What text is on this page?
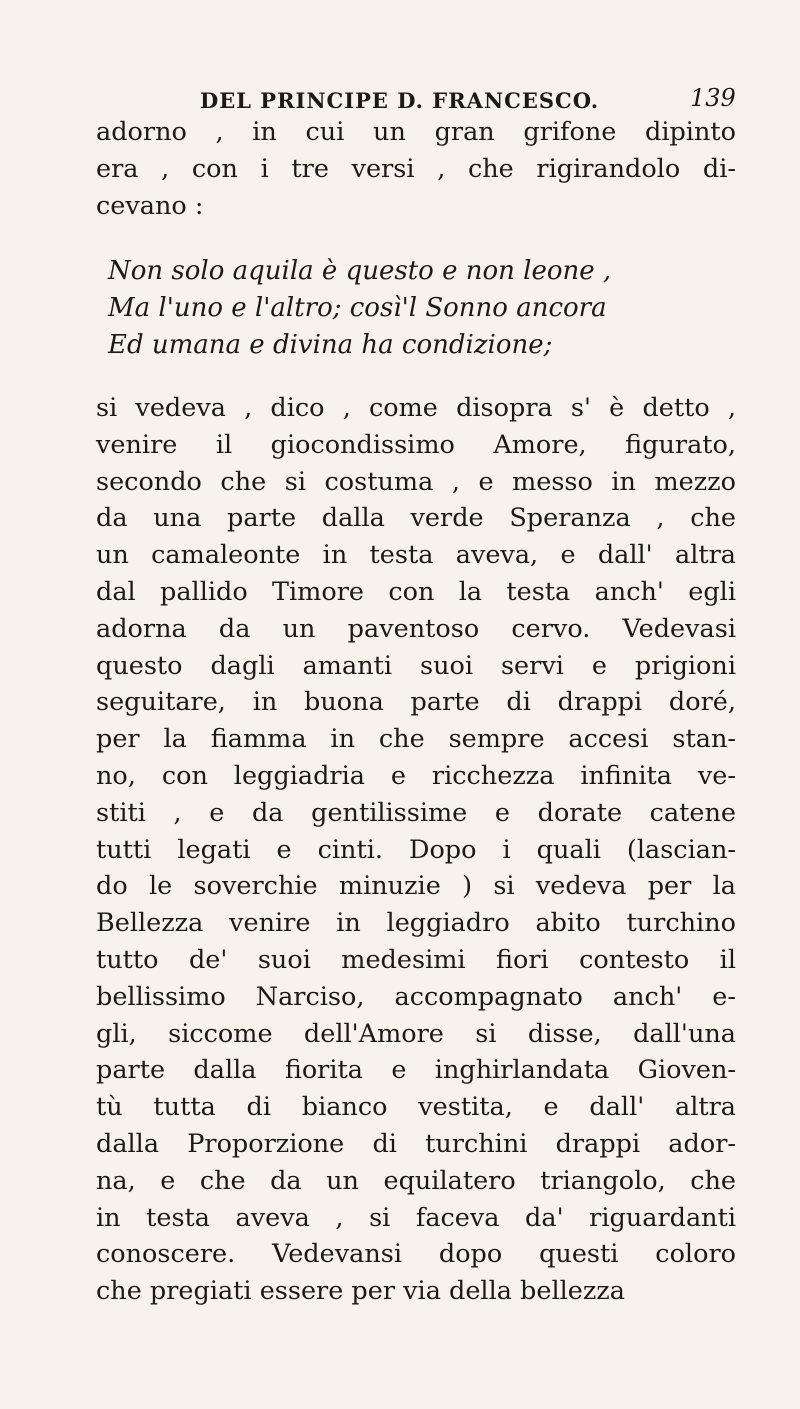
DEL PRINCIPE D. FRANCESCO.	139
adorno , in cui un gran grifone dipinto
era , con i tre versi , che rigirandolo di-
cevano :
Non solo aquila è questo e non leone ,
Ma l'uno e l'altro; così'l Sonno ancora
Ed umana e divina ha condizione;
si vedeva , dico , come disopra s' è detto ,
venire il giocondissimo Amore, figurato,
secondo che si costuma , e messo in mezzo
da una parte dalla verde Speranza , che
un camaleonte in testa aveva, e dall' altra
dal pallido Timore con la testa anch' egli
adorna da un paventoso cervo. Vedevasi
questo dagli amanti suoi servi e prigioni
seguitare, in buona parte di drappi doré,
per la fiamma in che sempre accesi stan-
no, con leggiadria e ricchezza infinita ve-
stiti , e da gentilissime e dorate catene
tutti legati e cinti. Dopo i quali (lascian-
do le soverchie minuzie ) si vedeva per la
Bellezza venire in leggiadro abito turchino
tutto de' suoi medesimi fiori contesto il
bellissimo Narciso, accompagnato anch' e-
gli, siccome dell'Amore si disse, dall'una
parte dalla fiorita e inghirlandata Gioven-
tù tutta di bianco vestita, e dall' altra
dalla Proporzione di turchini drappi ador-
na, e che da un equilatero triangolo, che
in testa aveva , si faceva da' riguardanti
conoscere. Vedevansi dopo questi coloro
che pregiati essere per via della bellezza
